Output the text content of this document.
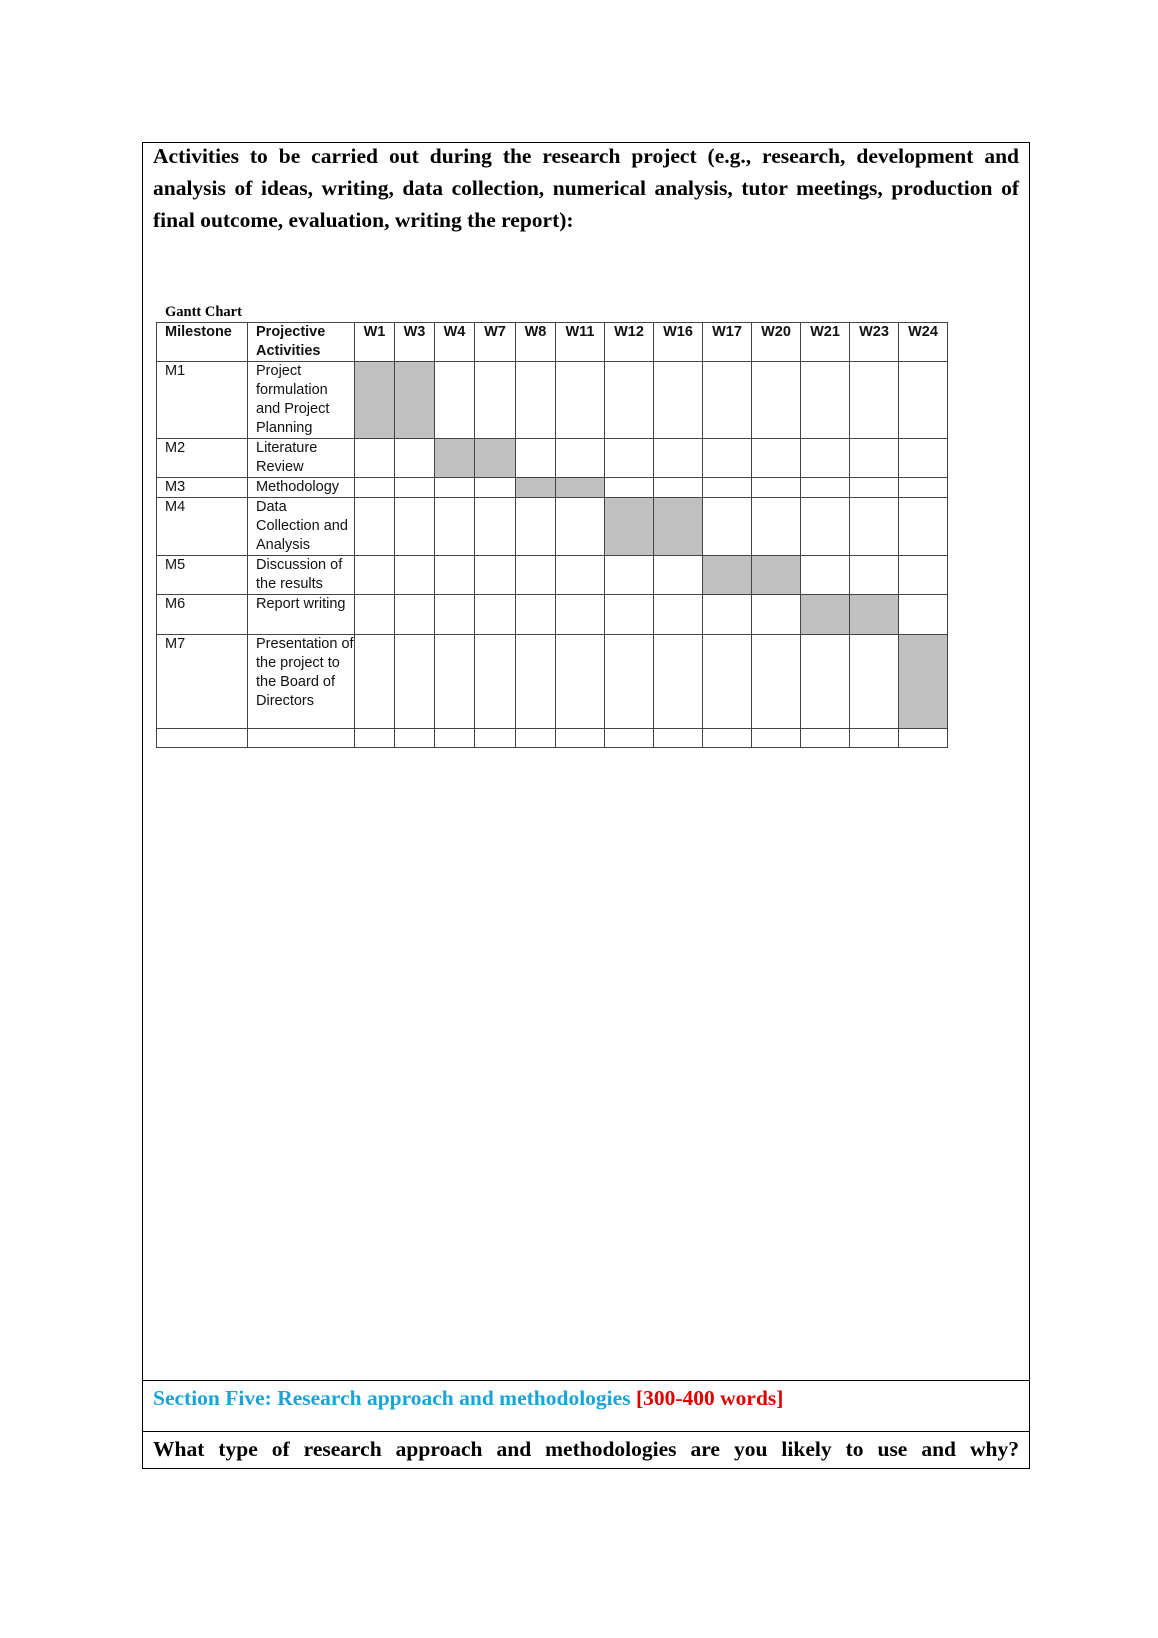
Activities to be carried out during the research project (e.g., research, development and analysis of ideas, writing, data collection, numerical analysis, tutor meetings, production of final outcome, evaluation, writing the report):

Gantt Chart

Milestone	Projective Activities	W1	W3	W4	W7	W8	W11	W12	W16	W17	W20	W21	W23	W24
M1	Project formulation and Project Planning													
M2	Literature Review													
M3	Methodology													
M4	Data Collection and Analysis													
M5	Discussion of the results													
M6	Report writing													
M7	Presentation of the project to the Board of Directors													

Section Five: Research approach and methodologies [300-400 words]

What type of research approach and methodologies are you likely to use and why?
